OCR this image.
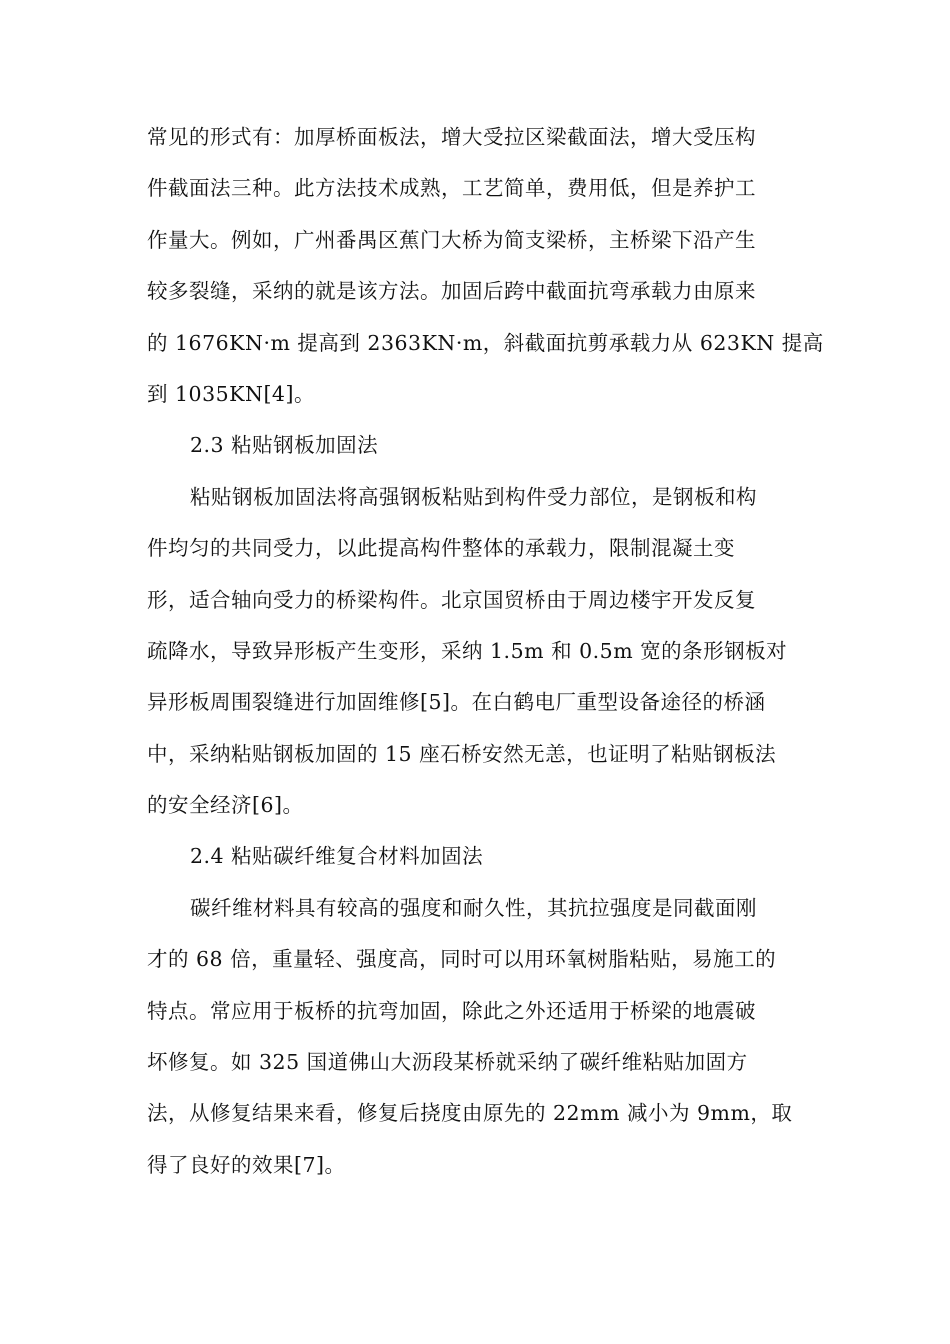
常见的形式有：加厚桥面板法，增大受拉区梁截面法，增大受压构
件截面法三种。此方法技术成熟，工艺简单，费用低，但是养护工
作量大。例如，广州番禺区蕉门大桥为简支梁桥，主桥梁下沿产生
较多裂缝，采纳的就是该方法。加固后跨中截面抗弯承载力由原来
的 1676KN·m 提高到 2363KN·m，斜截面抗剪承载力从 623KN 提高
到 1035KN[4]。
2.3 粘贴钢板加固法
粘贴钢板加固法将高强钢板粘贴到构件受力部位，是钢板和构
件均匀的共同受力，以此提高构件整体的承载力，限制混凝土变
形，适合轴向受力的桥梁构件。北京国贸桥由于周边楼宇开发反复
疏降水，导致异形板产生变形，采纳 1.5m 和 0.5m 宽的条形钢板对
异形板周围裂缝进行加固维修[5]。在白鹤电厂重型设备途径的桥涵
中，采纳粘贴钢板加固的 15 座石桥安然无恙，也证明了粘贴钢板法
的安全经济[6]。
2.4 粘贴碳纤维复合材料加固法
碳纤维材料具有较高的强度和耐久性，其抗拉强度是同截面刚
才的 68 倍，重量轻、强度高，同时可以用环氧树脂粘贴，易施工的
特点。常应用于板桥的抗弯加固，除此之外还适用于桥梁的地震破
坏修复。如 325 国道佛山大沥段某桥就采纳了碳纤维粘贴加固方
法，从修复结果来看，修复后挠度由原先的 22mm 减小为 9mm，取
得了良好的效果[7]。
